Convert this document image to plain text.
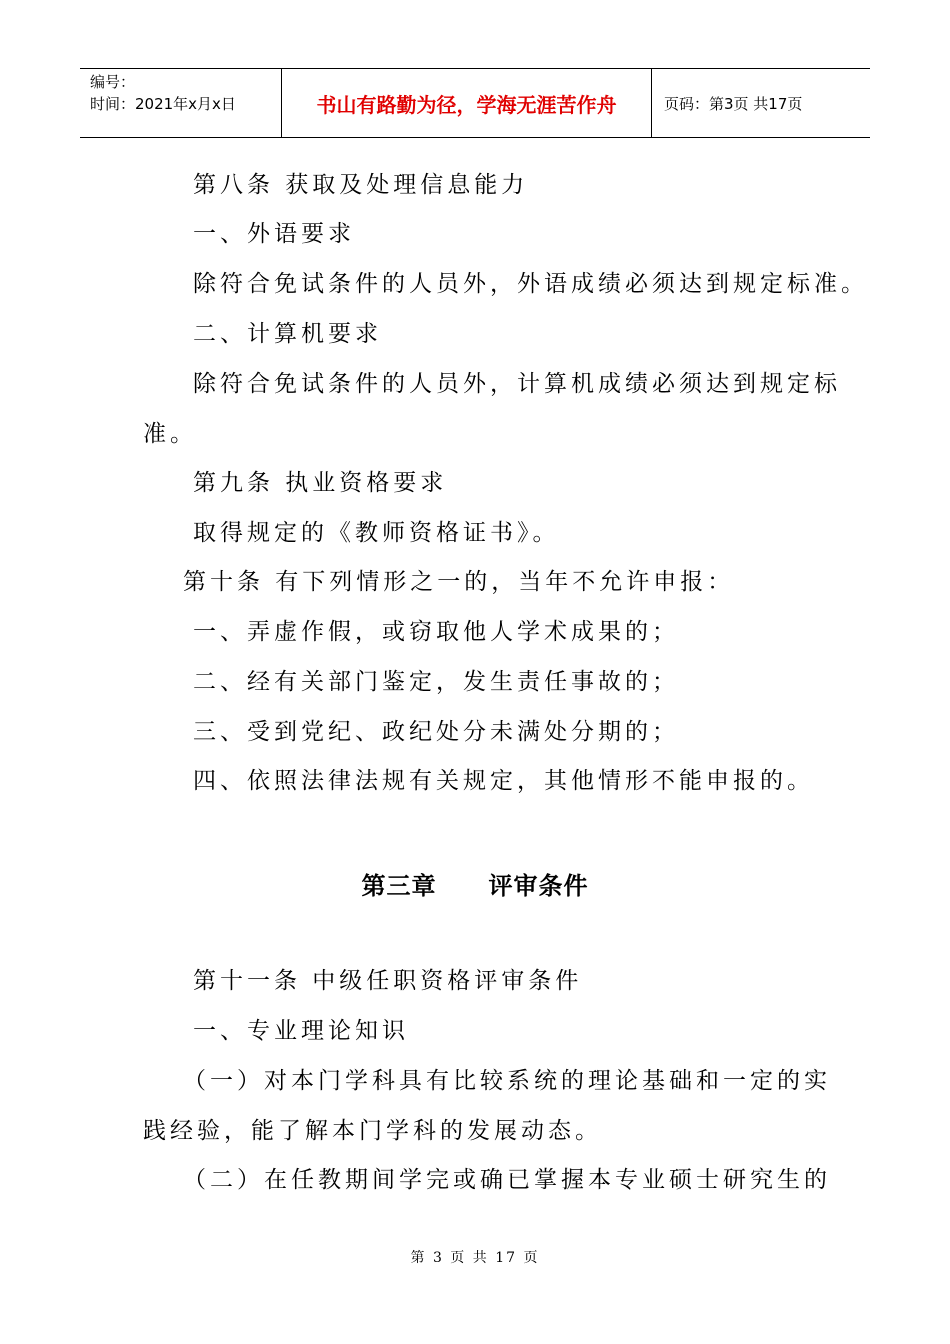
编号：
时间：2021年x月x日	书山有路勤为径，学海无涯苦作舟	页码：第3页 共17页
第八条 获取及处理信息能力
一、外语要求
除符合免试条件的人员外，外语成绩必须达到规定标准。
二、计算机要求
除符合免试条件的人员外，计算机成绩必须达到规定标
准。
第九条 执业资格要求
取得规定的《教师资格证书》。
第十条 有下列情形之一的，当年不允许申报：
一、弄虚作假，或窃取他人学术成果的；
二、经有关部门鉴定，发生责任事故的；
三、受到党纪、政纪处分未满处分期的；
四、依照法律法规有关规定，其他情形不能申报的。
第三章 评审条件
第十一条 中级任职资格评审条件
一、专业理论知识
（一）对本门学科具有比较系统的理论基础和一定的实
践经验，能了解本门学科的发展动态。
（二）在任教期间学完或确已掌握本专业硕士研究生的
第 3 页 共 17 页
